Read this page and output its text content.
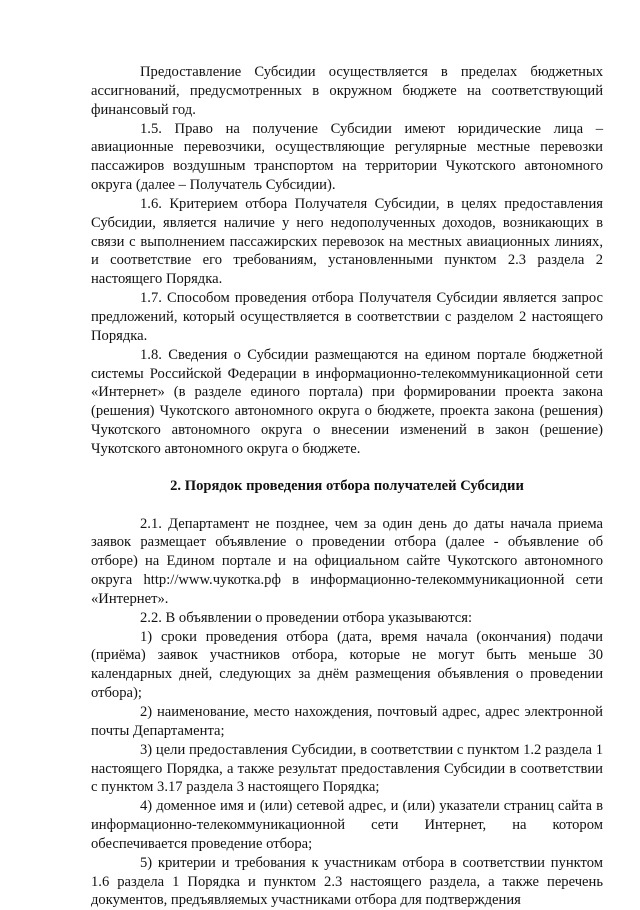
Предоставление Субсидии осуществляется в пределах бюджетных ассигнований, предусмотренных в окружном бюджете на соответствующий финансовый год.

1.5. Право на получение Субсидии имеют юридические лица – авиационные перевозчики, осуществляющие регулярные местные перевозки пассажиров воздушным транспортом на территории Чукотского автономного округа (далее – Получатель Субсидии).

1.6. Критерием отбора Получателя Субсидии, в целях предоставления Субсидии, является наличие у него недополученных доходов, возникающих в связи с выполнением пассажирских перевозок на местных авиационных линиях, и соответствие его требованиям, установленными пунктом 2.3 раздела 2 настоящего Порядка.

1.7. Способом проведения отбора Получателя Субсидии является запрос предложений, который осуществляется в соответствии с разделом 2 настоящего Порядка.

1.8. Сведения о Субсидии размещаются на едином портале бюджетной системы Российской Федерации в информационно-телекоммуникационной сети «Интернет» (в разделе единого портала) при формировании проекта закона (решения) Чукотского автономного округа о бюджете, проекта закона (решения) Чукотского автономного округа о внесении изменений в закон (решение) Чукотского автономного округа о бюджете.

2. Порядок проведения отбора получателей Субсидии

2.1. Департамент не позднее, чем за один день до даты начала приема заявок размещает объявление о проведении отбора (далее - объявление об отборе) на Едином портале и на официальном сайте Чукотского автономного округа http://www.чукотка.рф в информационно-телекоммуникационной сети «Интернет».

2.2. В объявлении о проведении отбора указываются:

1) сроки проведения отбора (дата, время начала (окончания) подачи (приёма) заявок участников отбора, которые не могут быть меньше 30 календарных дней, следующих за днём размещения объявления о проведении отбора);

2) наименование, место нахождения, почтовый адрес, адрес электронной почты Департамента;

3) цели предоставления Субсидии, в соответствии с пунктом 1.2 раздела 1 настоящего Порядка, а также результат предоставления Субсидии в соответствии с пунктом 3.17 раздела 3 настоящего Порядка;

4) доменное имя и (или) сетевой адрес, и (или) указатели страниц сайта в информационно-телекоммуникационной сети Интернет, на котором обеспечивается проведение отбора;

5) критерии и требования к участникам отбора в соответствии пунктом 1.6 раздела 1 Порядка и пунктом 2.3 настоящего раздела, а также перечень документов, предъявляемых участниками отбора для подтверждения
